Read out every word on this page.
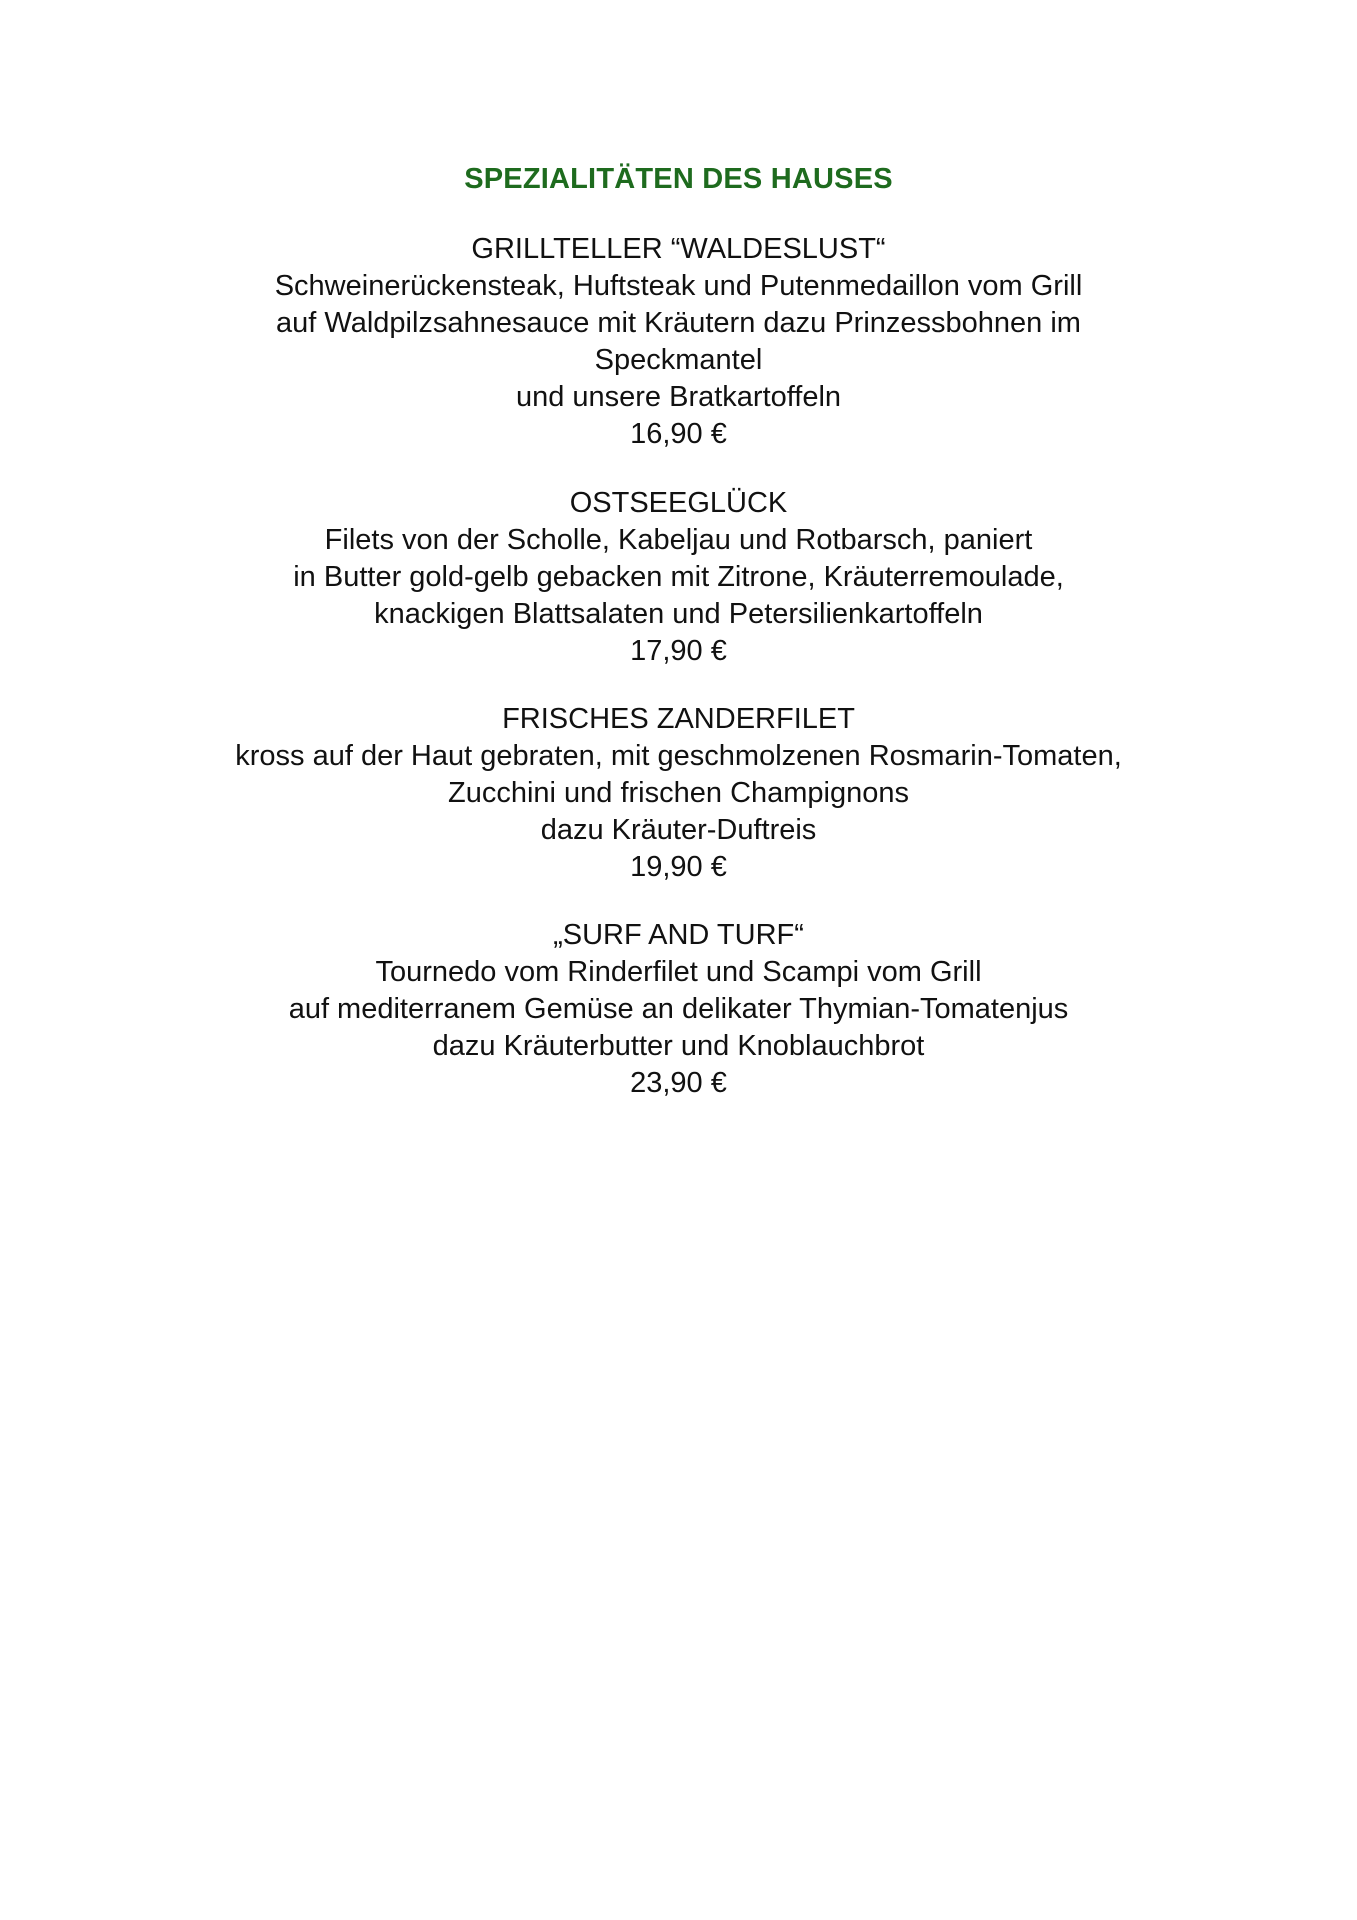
SPEZIALITÄTEN DES HAUSES
GRILLTELLER “WALDESLUST“
Schweinerückensteak, Huftsteak und Putenmedaillon vom Grill
auf Waldpilzsahnesauce mit Kräutern dazu Prinzessbohnen im
Speckmantel
und unsere Bratkartoffeln
16,90 €
OSTSEEGLÜCK
Filets von der Scholle, Kabeljau und Rotbarsch, paniert
in Butter gold-gelb gebacken mit Zitrone, Kräuterremoulade,
knackigen Blattsalaten und Petersilienkartoffeln
17,90 €
FRISCHES ZANDERFILET
kross auf der Haut gebraten, mit geschmolzenen Rosmarin-Tomaten,
Zucchini und frischen Champignons
dazu Kräuter-Duftreis
19,90 €
„SURF AND TURF“
Tournedo vom Rinderfilet und Scampi vom Grill
auf mediterranem Gemüse an delikater Thymian-Tomatenjus
dazu Kräuterbutter und Knoblauchbrot
23,90 €
